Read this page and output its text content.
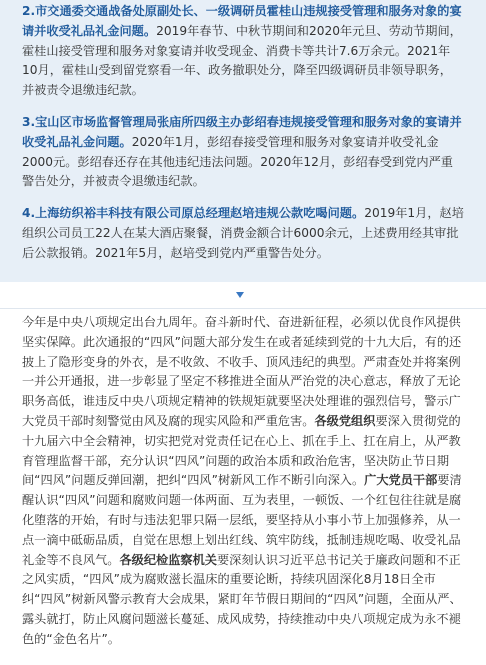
2.市交通委交通战备处原副处长、一级调研员霍桂山违规接受管理和服务对象的宴请并收受礼品礼金问题。2019年春节、中秋节期间和2020年元旦、劳动节期间，霍桂山接受管理和服务对象宴请并收受现金、消费卡等共计7.6万余元。2021年10月，霍桂山受到留党察看一年、政务撤职处分，降至四级调研员非领导职务，并被责令退缴违纪款。

3.宝山区市场监督管理局张庙所四级主办彭绍春违规接受管理和服务对象的宴请并收受礼品礼金问题。2020年1月，彭绍春接受管理和服务对象宴请并收受礼金2000元。彭绍春还存在其他违纪违法问题。2020年12月，彭绍春受到党内严重警告处分，并被责令退缴违纪款。

4.上海纺织裕丰科技有限公司原总经理赵培违规公款吃喝问题。2019年1月，赵培组织公司员工22人在某大酒店聚餐，消费金额合计6000余元，上述费用经其审批后公款报销。2021年5月，赵培受到党内严重警告处分。

今年是中央八项规定出台九周年。奋斗新时代、奋进新征程，必须以优良作风提供坚实保障。此次通报的“四风”问题大部分发生在或者延续到党的十九大后，有的还披上了隐形变身的外衣，是不收敛、不收手、顶风违纪的典型。严肃查处并将案例一并公开通报，进一步彰显了坚定不移推进全面从严治党的决心意志，释放了无论职务高低，谁违反中央八项规定精神的铁规矩就要坚决处理谁的强烈信号，警示广大党员干部时刻警觉由风及腐的现实风险和严重危害。各级党组织要深入贯彻党的十九届六中全会精神，切实把党对党责任记在心上、抓在手上、扛在肩上，从严教育管理监督干部，充分认识“四风”问题的政治本质和政治危害，坚决防止节日期间“四风”问题反弹回潮，把纠“四风”树新风工作不断引向深入。广大党员干部要清醒认识“四风”问题和腐败问题一体两面、互为表里，一顿饭、一个红包往往就是腐化堕落的开始，有时与违法犯罪只隔一层纸，要坚持从小事小节上加强修养，从一点一滴中砥砺品质，自觉在思想上划出红线、筑牢防线，抵制违规吃喝、收受礼品礼金等不良风气。各级纪检监察机关要深刻认识习近平总书记关于廉政问题和不正之风实质，“四风”成为腐败滋长温床的重要论断，持续巩固深化8月18日全市纠“四风”树新风警示教育大会成果，紧盯年节假日期间的“四风”问题，全面从严、露头就打，防止风腐问题滋长蔓延、成风成势，持续推动中央八项规定成为永不褪色的“金色名片”。
